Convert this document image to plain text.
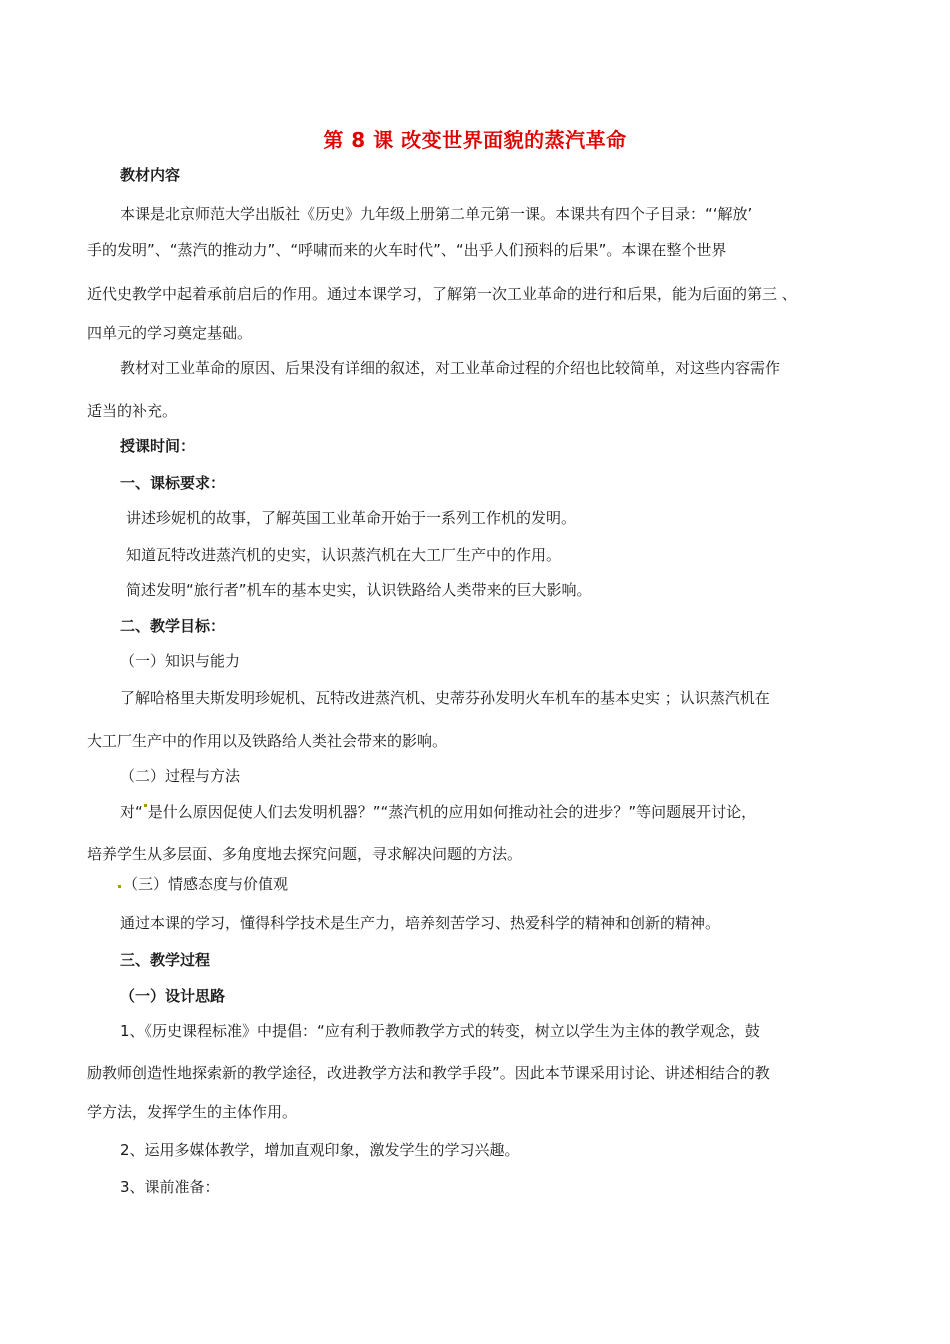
第 8 课 改变世界面貌的蒸汽革命
教材内容
本课是北京师范大学出版社《历史》九年级上册第二单元第一课。本课共有四个子目录：“‘解放’
手的发明”、“蒸汽的推动力”、“呼啸而来的火车时代”、“出乎人们预料的后果”。本课在整个世界
近代史教学中起着承前启后的作用。通过本课学习，了解第一次工业革命的进行和后果，能为后面的第三 、
四单元的学习奠定基础。
教材对工业革命的原因、后果没有详细的叙述，对工业革命过程的介绍也比较简单，对这些内容需作
适当的补充。
授课时间：
一、课标要求：
讲述珍妮机的故事，了解英国工业革命开始于一系列工作机的发明。
知道瓦特改进蒸汽机的史实，认识蒸汽机在大工厂生产中的作用。
简述发明“旅行者”机车的基本史实，认识铁路给人类带来的巨大影响。
二、教学目标：
（一）知识与能力
了解哈格里夫斯发明珍妮机、瓦特改进蒸汽机、史蒂芬孙发明火车机车的基本史实 ；认识蒸汽机在
大工厂生产中的作用以及铁路给人类社会带来的影响。
（二）过程与方法
对“ 是什么原因促使人们去发明机器？”“蒸汽机的应用如何推动社会的进步？”等问题展开讨论，
培养学生从多层面、多角度地去探究问题，寻求解决问题的方法。
（三）情感态度与价值观
通过本课的学习，懂得科学技术是生产力，培养刻苦学习、热爱科学的精神和创新的精神。
三、教学过程
（一）设计思路
1、《历史课程标准》中提倡：“应有利于教师教学方式的转变，树立以学生为主体的教学观念，鼓
励教师创造性地探索新的教学途径，改进教学方法和教学手段”。因此本节课采用讨论、讲述相结合的教
学方法，发挥学生的主体作用。
2、运用多媒体教学，增加直观印象，激发学生的学习兴趣。
3、课前准备：
